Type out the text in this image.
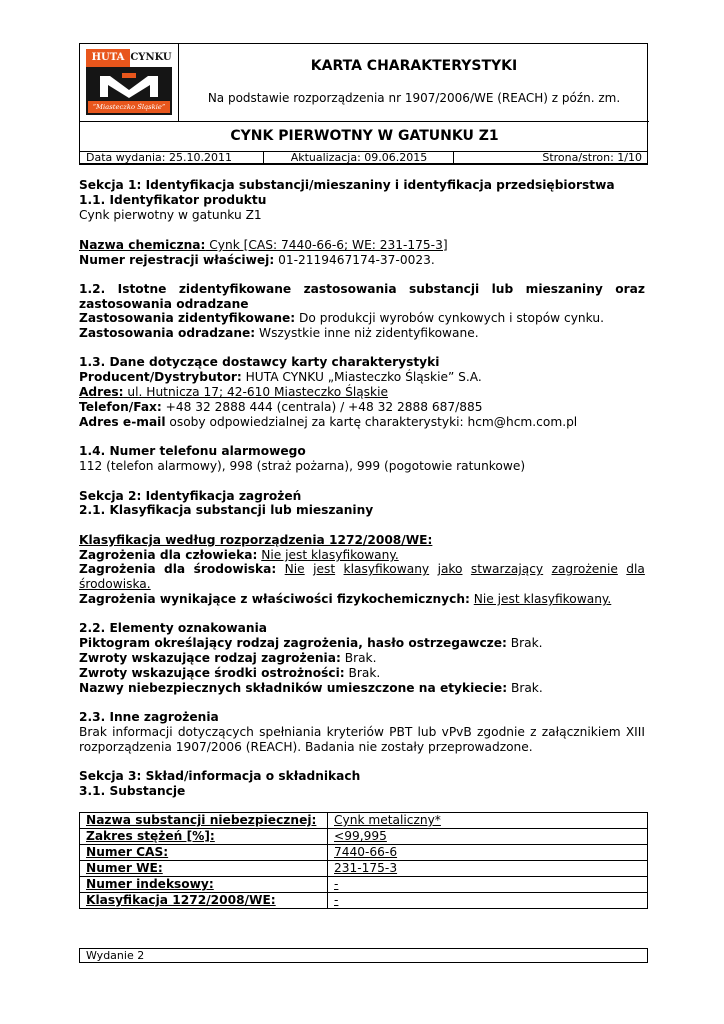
HUTA CYNKU
“Miasteczko Śląskie”
KARTA CHARAKTERYSTYKI
Na podstawie rozporządzenia nr 1907/2006/WE (REACH) z późn. zm.
CYNK PIERWOTNY W GATUNKU Z1
Data wydania: 25.10.2011	Aktualizacja: 09.06.2015	Strona/stron: 1/10
Sekcja 1: Identyfikacja substancji/mieszaniny i identyfikacja przedsiębiorstwa
1.1. Identyfikator produktu
Cynk pierwotny w gatunku Z1
Nazwa chemiczna: Cynk [CAS: 7440-66-6; WE: 231-175-3]
Numer rejestracji właściwej: 01-2119467174-37-0023.
1.2. Istotne zidentyfikowane zastosowania substancji lub mieszaniny oraz
zastosowania odradzane
Zastosowania zidentyfikowane: Do produkcji wyrobów cynkowych i stopów cynku.
Zastosowania odradzane: Wszystkie inne niż zidentyfikowane.
1.3. Dane dotyczące dostawcy karty charakterystyki
Producent/Dystrybutor: HUTA CYNKU „Miasteczko Śląskie” S.A.
Adres: ul. Hutnicza 17; 42-610 Miasteczko Śląskie
Telefon/Fax: +48 32 2888 444 (centrala) / +48 32 2888 687/885
Adres e-mail osoby odpowiedzialnej za kartę charakterystyki: hcm@hcm.com.pl
1.4. Numer telefonu alarmowego
112 (telefon alarmowy), 998 (straż pożarna), 999 (pogotowie ratunkowe)
Sekcja 2: Identyfikacja zagrożeń
2.1. Klasyfikacja substancji lub mieszaniny
Klasyfikacja według rozporządzenia 1272/2008/WE:
Zagrożenia dla człowieka: Nie jest klasyfikowany.
Zagrożenia dla środowiska: Nie jest klasyfikowany jako stwarzający zagrożenie dla
środowiska.
Zagrożenia wynikające z właściwości fizykochemicznych: Nie jest klasyfikowany.
2.2. Elementy oznakowania
Piktogram określający rodzaj zagrożenia, hasło ostrzegawcze: Brak.
Zwroty wskazujące rodzaj zagrożenia: Brak.
Zwroty wskazujące środki ostrożności: Brak.
Nazwy niebezpiecznych składników umieszczone na etykiecie: Brak.
2.3. Inne zagrożenia
Brak informacji dotyczących spełniania kryteriów PBT lub vPvB zgodnie z załącznikiem XIII
rozporządzenia 1907/2006 (REACH). Badania nie zostały przeprowadzone.
Sekcja 3: Skład/informacja o składnikach
3.1. Substancje
Nazwa substancji niebezpiecznej:	Cynk metaliczny*
Zakres stężeń [%]:	<99,995
Numer CAS:	7440-66-6
Numer WE:	231-175-3
Numer indeksowy:	-
Klasyfikacja 1272/2008/WE:	-
Wydanie 2
